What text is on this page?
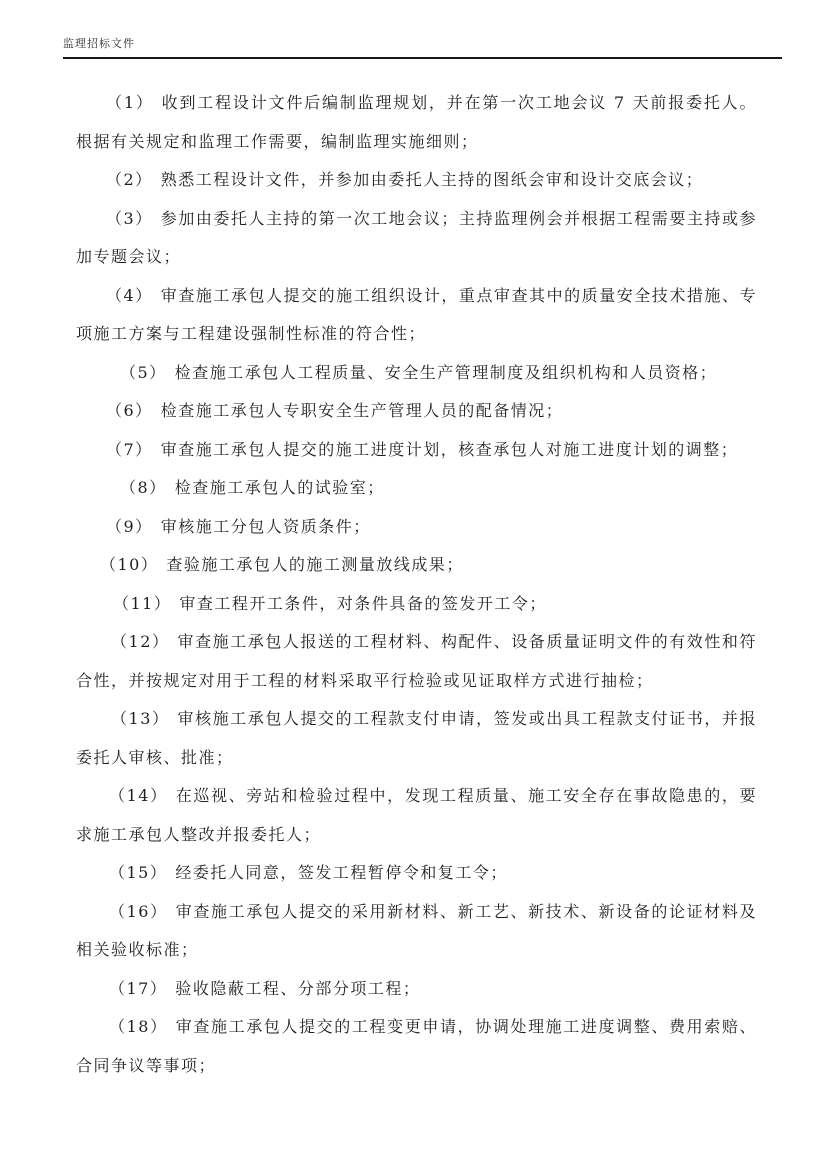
监理招标文件

（1） 收到工程设计文件后编制监理规划，并在第一次工地会议 7 天前报委托人。根据有关规定和监理工作需要，编制监理实施细则；

（2） 熟悉工程设计文件，并参加由委托人主持的图纸会审和设计交底会议；

（3） 参加由委托人主持的第一次工地会议；主持监理例会并根据工程需要主持或参加专题会议；

（4） 审查施工承包人提交的施工组织设计，重点审查其中的质量安全技术措施、专项施工方案与工程建设强制性标准的符合性；

（5） 检查施工承包人工程质量、安全生产管理制度及组织机构和人员资格；

（6） 检查施工承包人专职安全生产管理人员的配备情况；

（7） 审查施工承包人提交的施工进度计划，核查承包人对施工进度计划的调整；

（8） 检查施工承包人的试验室；

（9） 审核施工分包人资质条件；

（10） 查验施工承包人的施工测量放线成果；

（11） 审查工程开工条件，对条件具备的签发开工令；

（12） 审查施工承包人报送的工程材料、构配件、设备质量证明文件的有效性和符合性，并按规定对用于工程的材料采取平行检验或见证取样方式进行抽检；

（13） 审核施工承包人提交的工程款支付申请，签发或出具工程款支付证书，并报委托人审核、批准；

（14） 在巡视、旁站和检验过程中，发现工程质量、施工安全存在事故隐患的，要求施工承包人整改并报委托人；

（15） 经委托人同意，签发工程暂停令和复工令；

（16） 审查施工承包人提交的采用新材料、新工艺、新技术、新设备的论证材料及相关验收标准；

（17） 验收隐蔽工程、分部分项工程；

（18） 审查施工承包人提交的工程变更申请，协调处理施工进度调整、费用索赔、合同争议等事项；
